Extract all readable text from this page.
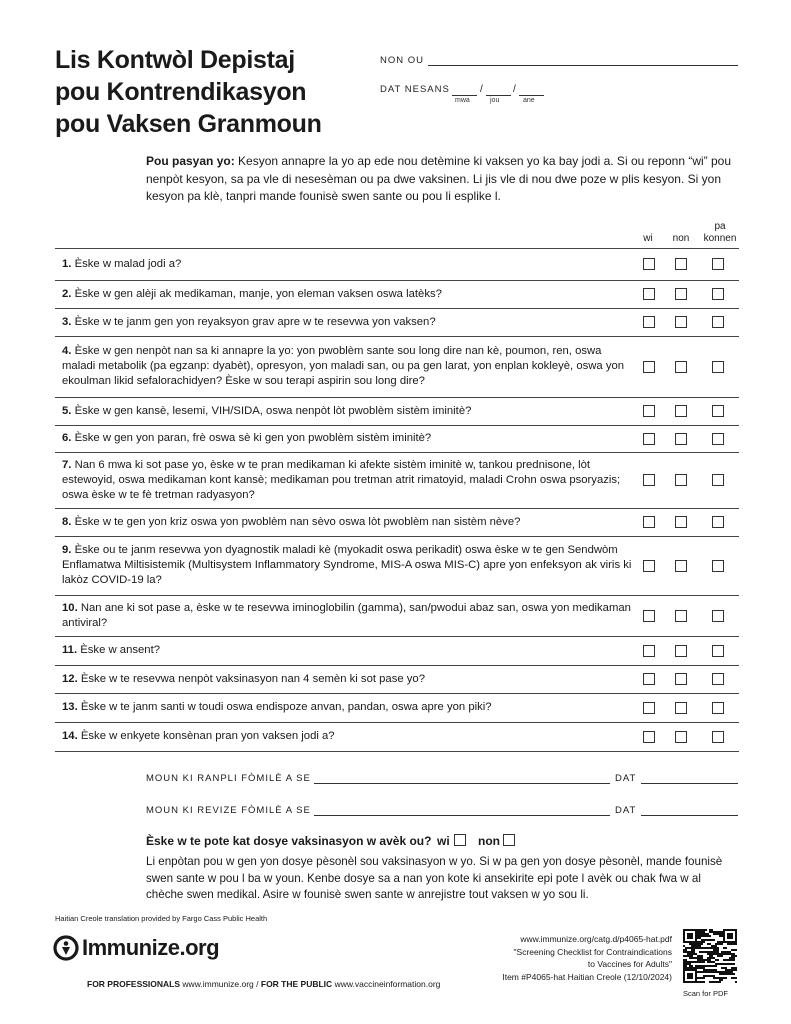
Lis Kontwòl Depistaj
pou Kontrendikasyon
pou Vaksen Granmoun
NON OU
DAT NESANS	/	/
mwa	jou	ane
Pou pasyan yo: Kesyon annapre la yo ap ede nou detèmine ki vaksen yo ka bay jodi a. Si ou reponn “wi” pou nenpòt kesyon, sa pa vle di nesesèman ou pa dwe vaksinen. Li jis vle di nou dwe poze w plis kesyon. Si yon kesyon pa klè, tanpri mande founisè swen sante ou pou li esplike l.
wi	non
pa konnen
1. Èske w malad jodi a?
2. Èske w gen alèji ak medikaman, manje, yon eleman vaksen oswa latèks?
3. Èske w te janm gen yon reyaksyon grav apre w te resevwa yon vaksen?
4. Èske w gen nenpòt nan sa ki annapre la yo: yon pwoblèm sante sou long dire nan kè, poumon, ren, oswa maladi metabolik (pa egzanp: dyabèt), opresyon, yon maladi san, ou pa gen larat, yon enplan kokleyè, oswa yon ekoulman likid sefalorachidyen? Èske w sou terapi aspirin sou long dire?
5. Èske w gen kansè, lesemi, VIH/SIDA, oswa nenpòt lòt pwoblèm sistèm iminitè?
6. Èske w gen yon paran, frè oswa sè ki gen yon pwoblèm sistèm iminitè?
7. Nan 6 mwa ki sot pase yo, èske w te pran medikaman ki afekte sistèm iminitè w, tankou prednisone, lòt estewoyid, oswa medikaman kont kansè; medikaman pou tretman atrit rimatoyid, maladi Crohn oswa psoryazis; oswa èske w te fè tretman radyasyon?
8. Èske w te gen yon kriz oswa yon pwoblèm nan sèvo oswa lòt pwoblèm nan sistèm nève?
9. Èske ou te janm resevwa yon dyagnostik maladi kè (myokadit oswa perikadit) oswa èske w te gen Sendwòm Enflamatwa Miltisistemik (Multisystem Inflammatory Syndrome, MIS-A oswa MIS-C) apre yon enfeksyon ak viris ki lakòz COVID-19 la?
10. Nan ane ki sot pase a, èske w te resevwa iminoglobilin (gamma), san/pwodui abaz san, oswa yon medikaman antiviral?
11. Èske w ansent?
12. Èske w te resevwa nenpòt vaksinasyon nan 4 semèn ki sot pase yo?
13. Èske w te janm santi w toudi oswa endispoze anvan, pandan, oswa apre yon piki?
14. Èske w enkyete konsènan pran yon vaksen jodi a?
MOUN KI RANPLI FÒMILÈ A SE	DAT
MOUN KI REVIZE FÒMILÈ A SE	DAT
Èske w te pote kat dosye vaksinasyon w avèk ou? wi non
Li enpòtan pou w gen yon dosye pèsonèl sou vaksinasyon w yo. Si w pa gen yon dosye pèsonèl, mande founisè swen sante w pou l ba w youn. Kenbe dosye sa a nan yon kote ki ansekirite epi pote l avèk ou chak fwa w al chèche swen medikal. Asire w founisè swen sante w anrejistre tout vaksen w yo sou li.
Haitian Creole translation provided by Fargo Cass Public Health
Immunize.org
FOR PROFESSIONALS www.immunize.org / FOR THE PUBLIC www.vaccineinformation.org
www.immunize.org/catg.d/p4065-hat.pdf
"Screening Checklist for Contraindications
to Vaccines for Adults"
Item #P4065-hat Haitian Creole (12/10/2024)
Scan for PDF
